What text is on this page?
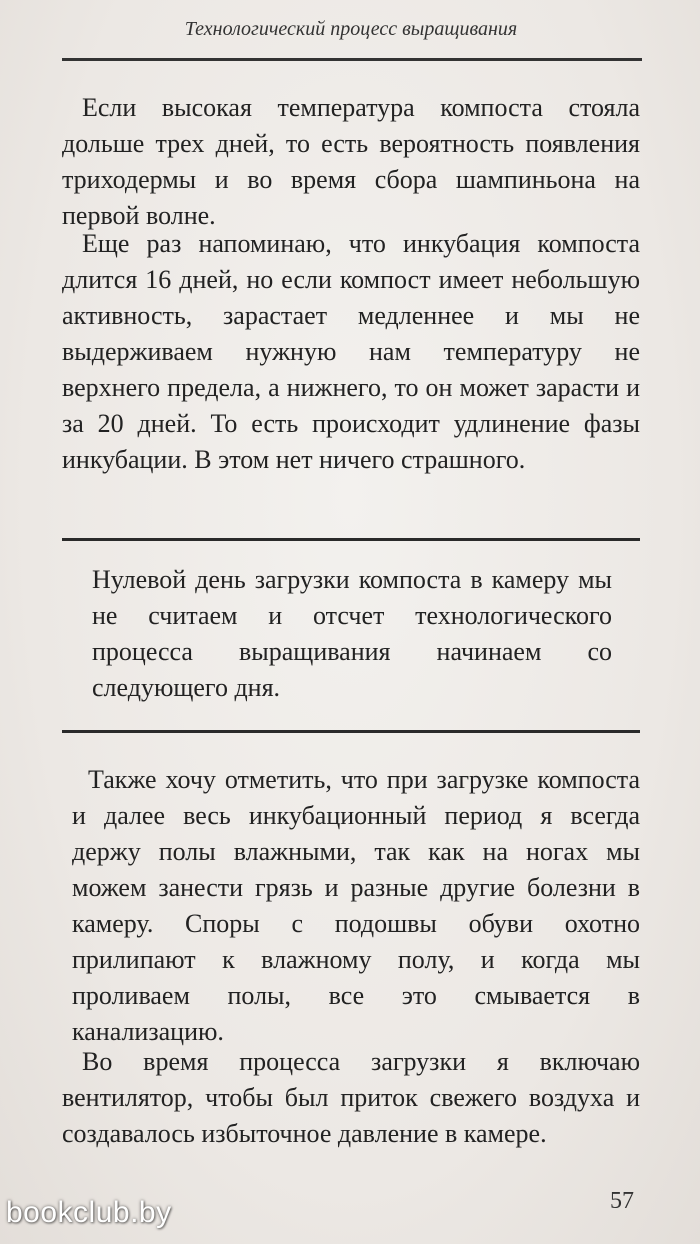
Технологический процесс выращивания

Если высокая температура компоста стояла дольше трех дней, то есть вероятность появления триходермы и во время сбора шампиньона на первой волне.

Еще раз напоминаю, что инкубация компоста длится 16 дней, но если компост имеет небольшую активность, зарастает медленнее и мы не выдерживаем нужную нам температуру не верхнего предела, а нижнего, то он может зарасти и за 20 дней. То есть происходит удлинение фазы инкубации. В этом нет ничего страшного.

Нулевой день загрузки компоста в камеру мы не считаем и отсчет технологического процесса выращивания начинаем со следующего дня.

Также хочу отметить, что при загрузке компоста и далее весь инкубационный период я всегда держу полы влажными, так как на ногах мы можем занести грязь и разные другие болезни в камеру. Споры с подошвы обуви охотно прилипают к влажному полу, и когда мы проливаем полы, все это смывается в канализацию.

Во время процесса загрузки я включаю вентилятор, чтобы был приток свежего воздуха и создавалось избыточное давление в камере.

57
bookclub.by
